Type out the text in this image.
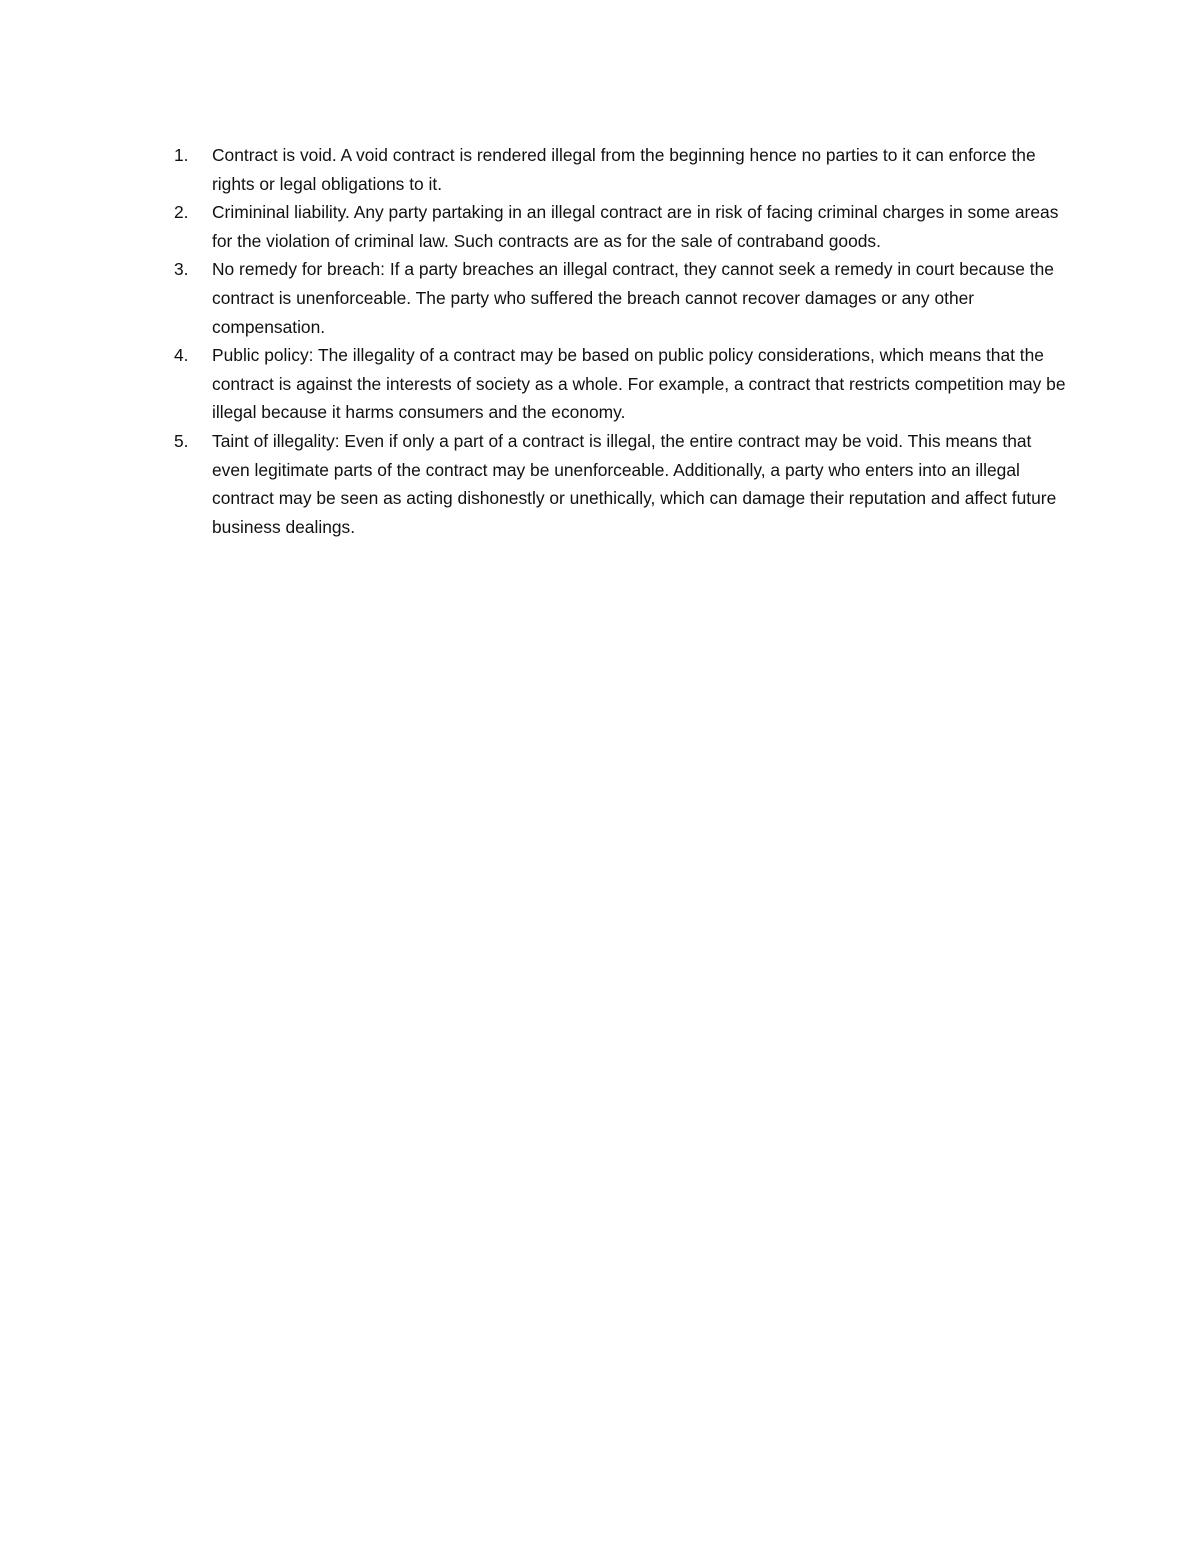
1.	Contract is void. A void contract is rendered illegal from the beginning hence no parties to it can enforce the rights or legal obligations to it.
2.	Crimininal liability. Any party partaking in an illegal contract are in risk of facing criminal charges in some areas for the violation of criminal law. Such contracts are as for the sale of contraband goods.
3.	No remedy for breach: If a party breaches an illegal contract, they cannot seek a remedy in court because the contract is unenforceable. The party who suffered the breach cannot recover damages or any other compensation.
4.	Public policy: The illegality of a contract may be based on public policy considerations, which means that the contract is against the interests of society as a whole. For example, a contract that restricts competition may be illegal because it harms consumers and the economy.
5.	Taint of illegality: Even if only a part of a contract is illegal, the entire contract may be void. This means that even legitimate parts of the contract may be unenforceable. Additionally, a party who enters into an illegal contract may be seen as acting dishonestly or unethically, which can damage their reputation and affect future business dealings.
